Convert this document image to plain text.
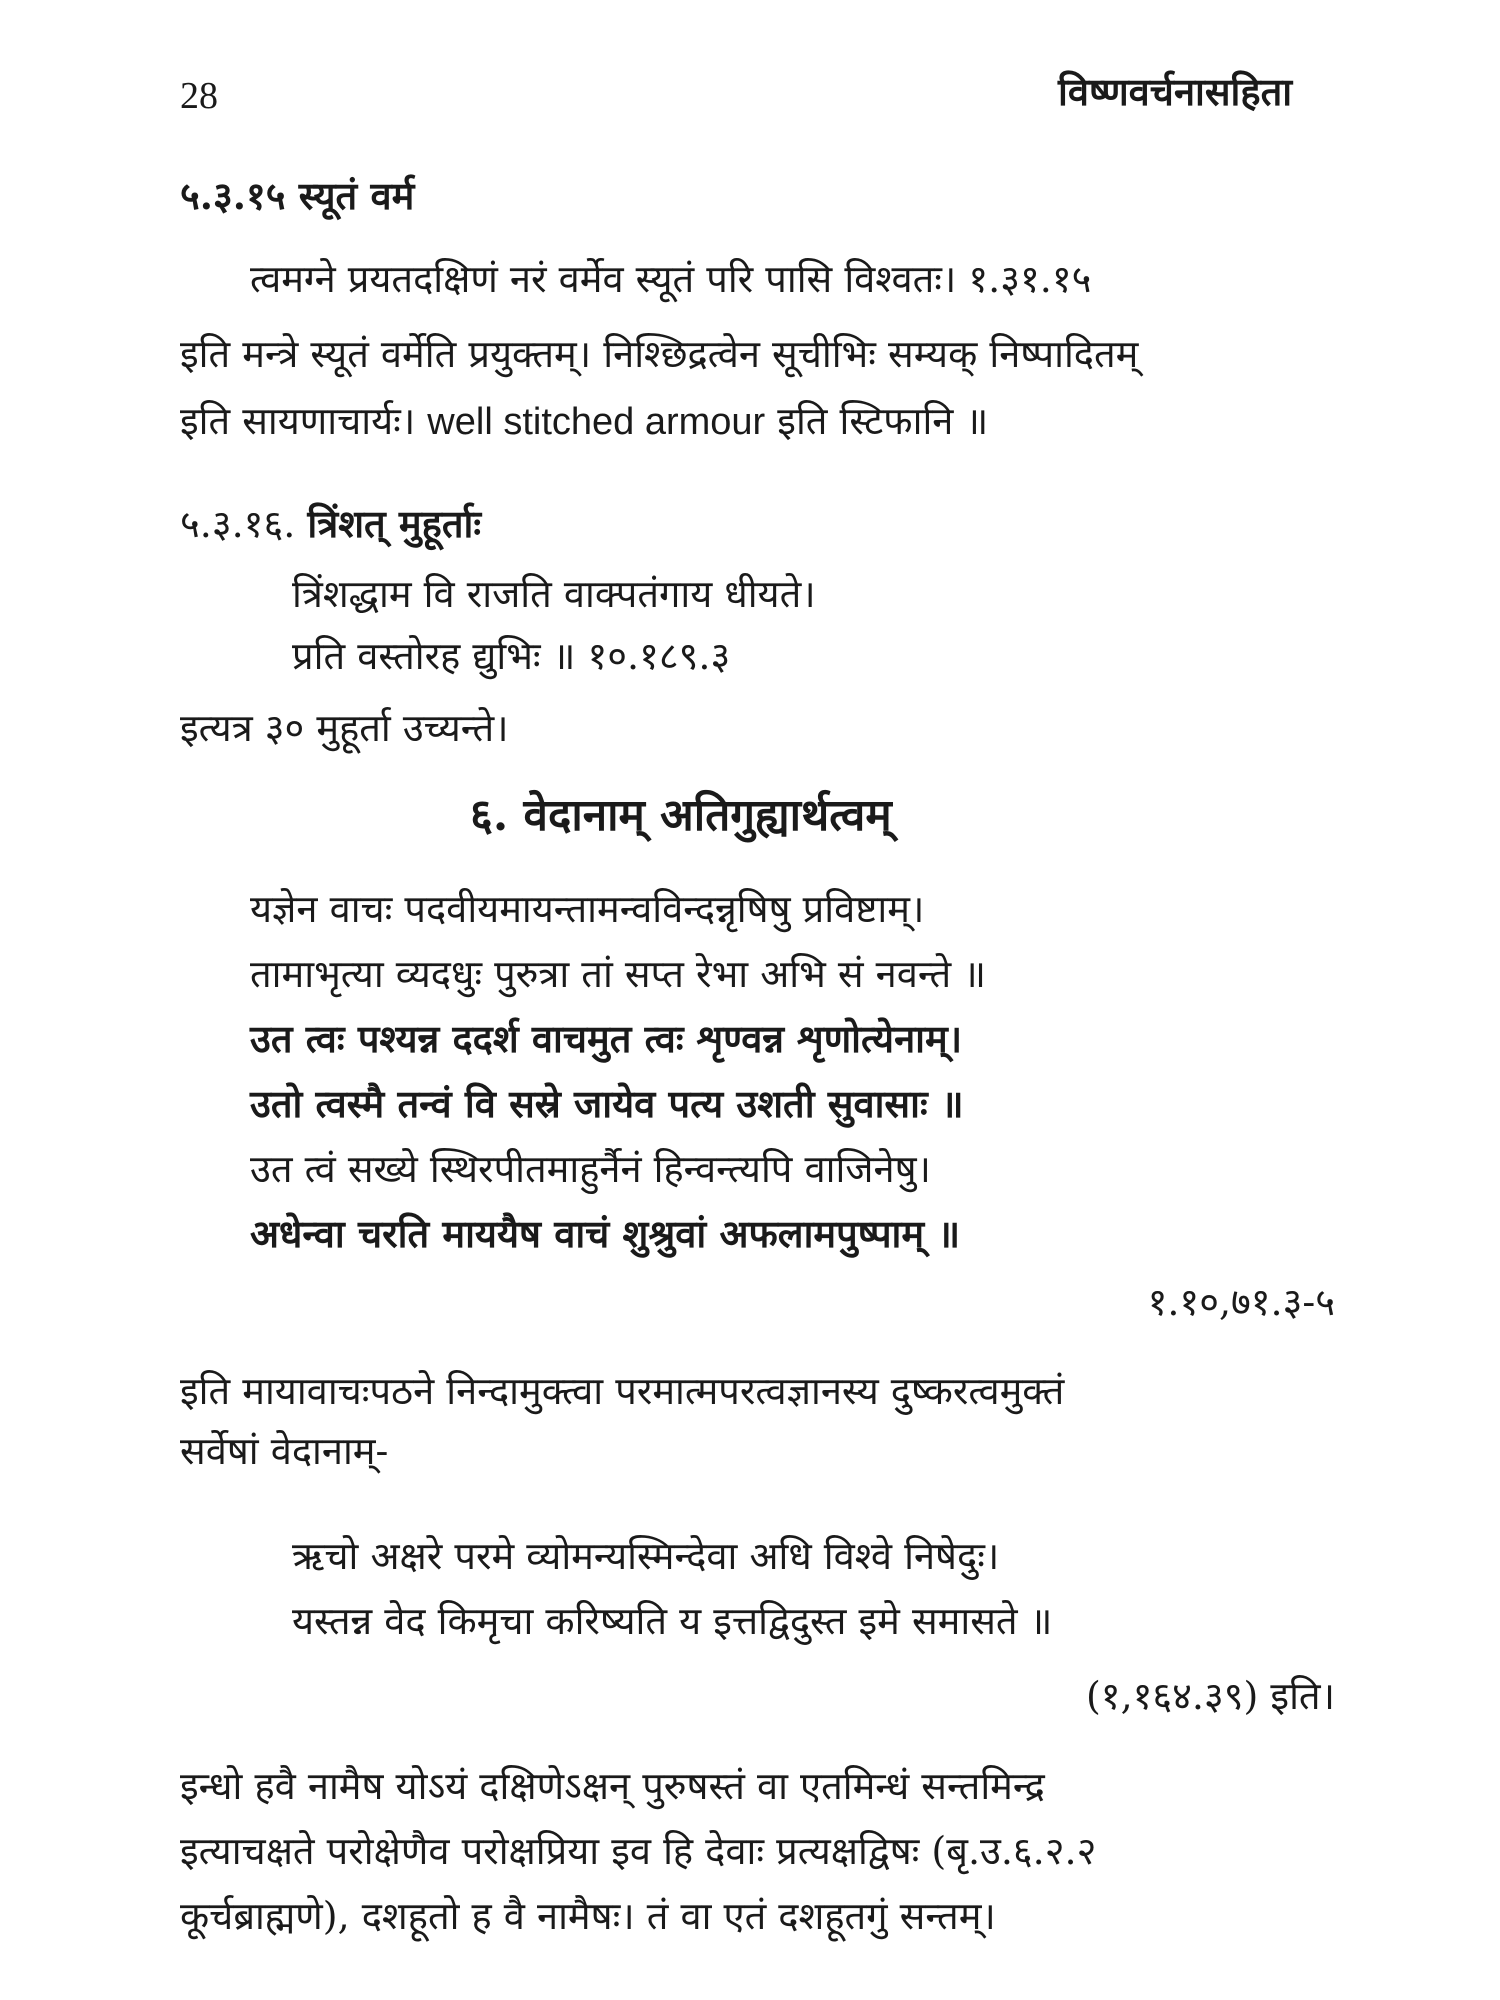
28	विष्णवर्चनासहिता
५.३.१५ स्यूतं वर्म
त्वमग्ने प्रयतदक्षिणं नरं वर्मेव स्यूतं परि पासि विश्वतः। १.३१.१५
इति मन्त्रे स्यूतं वर्मेति प्रयुक्तम्। निश्छिद्रत्वेन सूचीभिः सम्यक् निष्पादितम्
इति सायणाचार्यः। well stitched armour इति स्टिफानि ॥
५.३.१६. त्रिंशत् मुहूर्ताः
त्रिंशद्धाम वि राजति वाक्पतंगाय धीयते।
प्रति वस्तोरह द्युभिः ॥ १०.१८९.३
इत्यत्र ३० मुहूर्ता उच्यन्ते।
६. वेदानाम् अतिगुह्यार्थत्वम्
यज्ञेन वाचः पदवीयमायन्तामन्वविन्दन्नृषिषु प्रविष्टाम्।
तामाभृत्या व्यदधुः पुरुत्रा तां सप्त रेभा अभि सं नवन्ते ॥
उत त्वः पश्यन्न ददर्श वाचमुत त्वः शृण्वन्न शृणोत्येनाम्।
उतो त्वस्मै तन्वं वि सस्रे जायेव पत्य उशती सुवासाः ॥
उत त्वं सख्ये स्थिरपीतमाहुर्नैनं हिन्वन्त्यपि वाजिनेषु।
अधेन्वा चरति माययैष वाचं शुश्रुवां अफलामपुष्पाम् ॥
१.१०,७१.३-५
इति मायावाचःपठने निन्दामुक्त्वा परमात्मपरत्वज्ञानस्य दुष्करत्वमुक्तं
सर्वेषां वेदानाम्-
ऋचो अक्षरे परमे व्योमन्यस्मिन्देवा अधि विश्वे निषेदुः।
यस्तन्न वेद किमृचा करिष्यति य इत्तद्विदुस्त इमे समासते ॥
(१,१६४.३९) इति।
इन्धो हवै नामैष योऽयं दक्षिणेऽक्षन् पुरुषस्तं वा एतमिन्धं सन्तमिन्द्र
इत्याचक्षते परोक्षेणैव परोक्षप्रिया इव हि देवाः प्रत्यक्षद्विषः (बृ.उ.६.२.२
कूर्चब्राह्मणे), दशहूतो ह वै नामैषः। तं वा एतं दशहूतगुं सन्तम्।
